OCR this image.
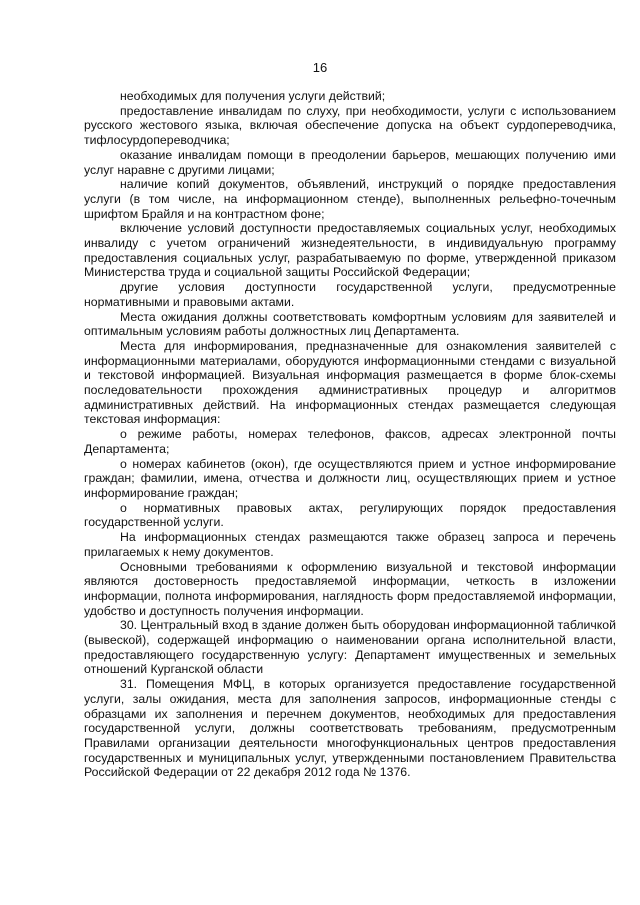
16

необходимых для получения услуги действий;

предоставление инвалидам по слуху, при необходимости, услуги с использованием русского жестового языка, включая обеспечение допуска на объект сурдопереводчика, тифлосурдопереводчика;

оказание инвалидам помощи в преодолении барьеров, мешающих получению ими услуг наравне с другими лицами;

наличие копий документов, объявлений, инструкций о порядке предоставления услуги (в том числе, на информационном стенде), выполненных рельефно-точечным шрифтом Брайля и на контрастном фоне;

включение условий доступности предоставляемых социальных услуг, необходимых инвалиду с учетом ограничений жизнедеятельности, в индивидуальную программу предоставления социальных услуг, разрабатываемую по форме, утвержденной приказом Министерства труда и социальной защиты Российской Федерации;

другие условия доступности государственной услуги, предусмотренные нормативными и правовыми актами.

Места ожидания должны соответствовать комфортным условиям для заявителей и оптимальным условиям работы должностных лиц Департамента.

Места для информирования, предназначенные для ознакомления заявителей с информационными материалами, оборудуются информационными стендами с визуальной и текстовой информацией. Визуальная информация размещается в форме блок-схемы последовательности прохождения административных процедур и алгоритмов административных действий. На информационных стендах размещается следующая текстовая информация:

о режиме работы, номерах телефонов, факсов, адресах электронной почты Департамента;

о номерах кабинетов (окон), где осуществляются прием и устное информирование граждан; фамилии, имена, отчества и должности лиц, осуществляющих прием и устное информирование граждан;

о нормативных правовых актах, регулирующих порядок предоставления государственной услуги.

На информационных стендах размещаются также образец запроса и перечень прилагаемых к нему документов.

Основными требованиями к оформлению визуальной и текстовой информации являются достоверность предоставляемой информации, четкость в изложении информации, полнота информирования, наглядность форм предоставляемой информации, удобство и доступность получения информации.

30. Центральный вход в здание должен быть оборудован информационной табличкой (вывеской), содержащей информацию о наименовании органа исполнительной власти, предоставляющего государственную услугу: Департамент имущественных и земельных отношений Курганской области

31. Помещения МФЦ, в которых организуется предоставление государственной услуги, залы ожидания, места для заполнения запросов, информационные стенды с образцами их заполнения и перечнем документов, необходимых для предоставления государственной услуги, должны соответствовать требованиям, предусмотренным Правилами организации деятельности многофункциональных центров предоставления государственных и муниципальных услуг, утвержденными постановлением Правительства Российской Федерации от 22 декабря 2012 года № 1376.
